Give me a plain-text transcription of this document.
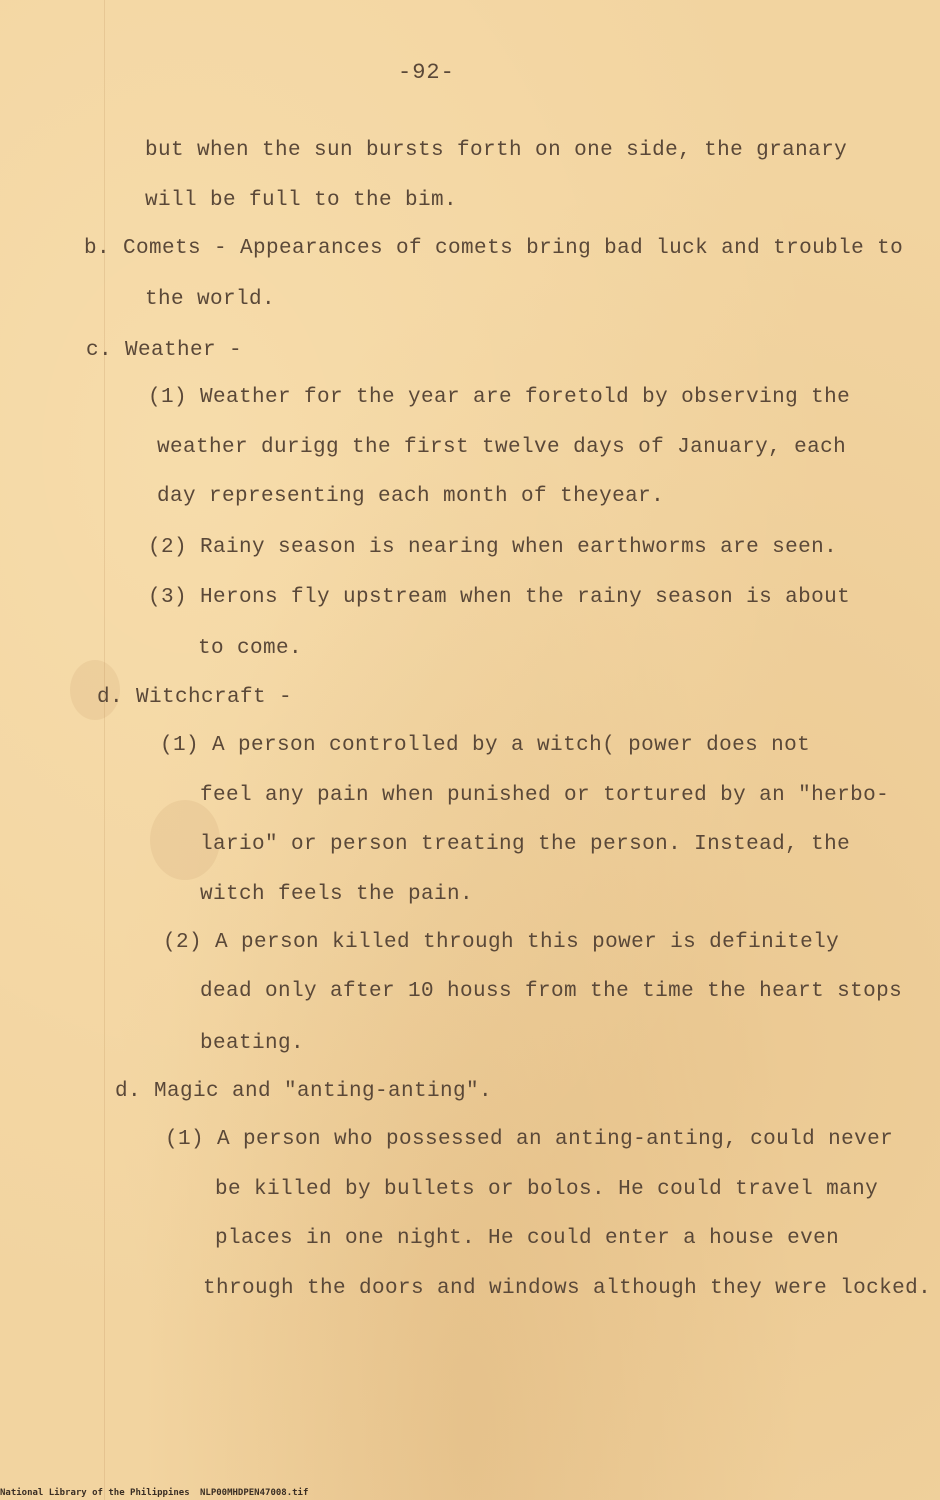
-92-
but when the sun bursts forth on one side, the granary
will be full to the bim.
b. Comets - Appearances of comets bring bad luck and trouble to
the world.
c. Weather -
(1) Weather for the year are foretold by observing the
weather durigg the first twelve days of January, each
day representing each month of theyear.
(2) Rainy season is nearing when earthworms are seen.
(3) Herons fly upstream when the rainy season is about
to come.
d. Witchcraft -
(1) A person controlled by a witch( power does not
feel any pain when punished or tortured by an "herbo-
lario" or person treating the person. Instead, the
witch feels the pain.
(2) A person killed through this power is definitely
dead only after 10 houss from the time the heart stops
beating.
d. Magic and "anting-anting".
(1) A person who possessed an anting-anting, could never
be killed by bullets or bolos. He could travel many
places in one night. He could enter a house even
through the doors and windows although they were locked.
National Library of the Philippines NLP00MHDPEN47008.tif
